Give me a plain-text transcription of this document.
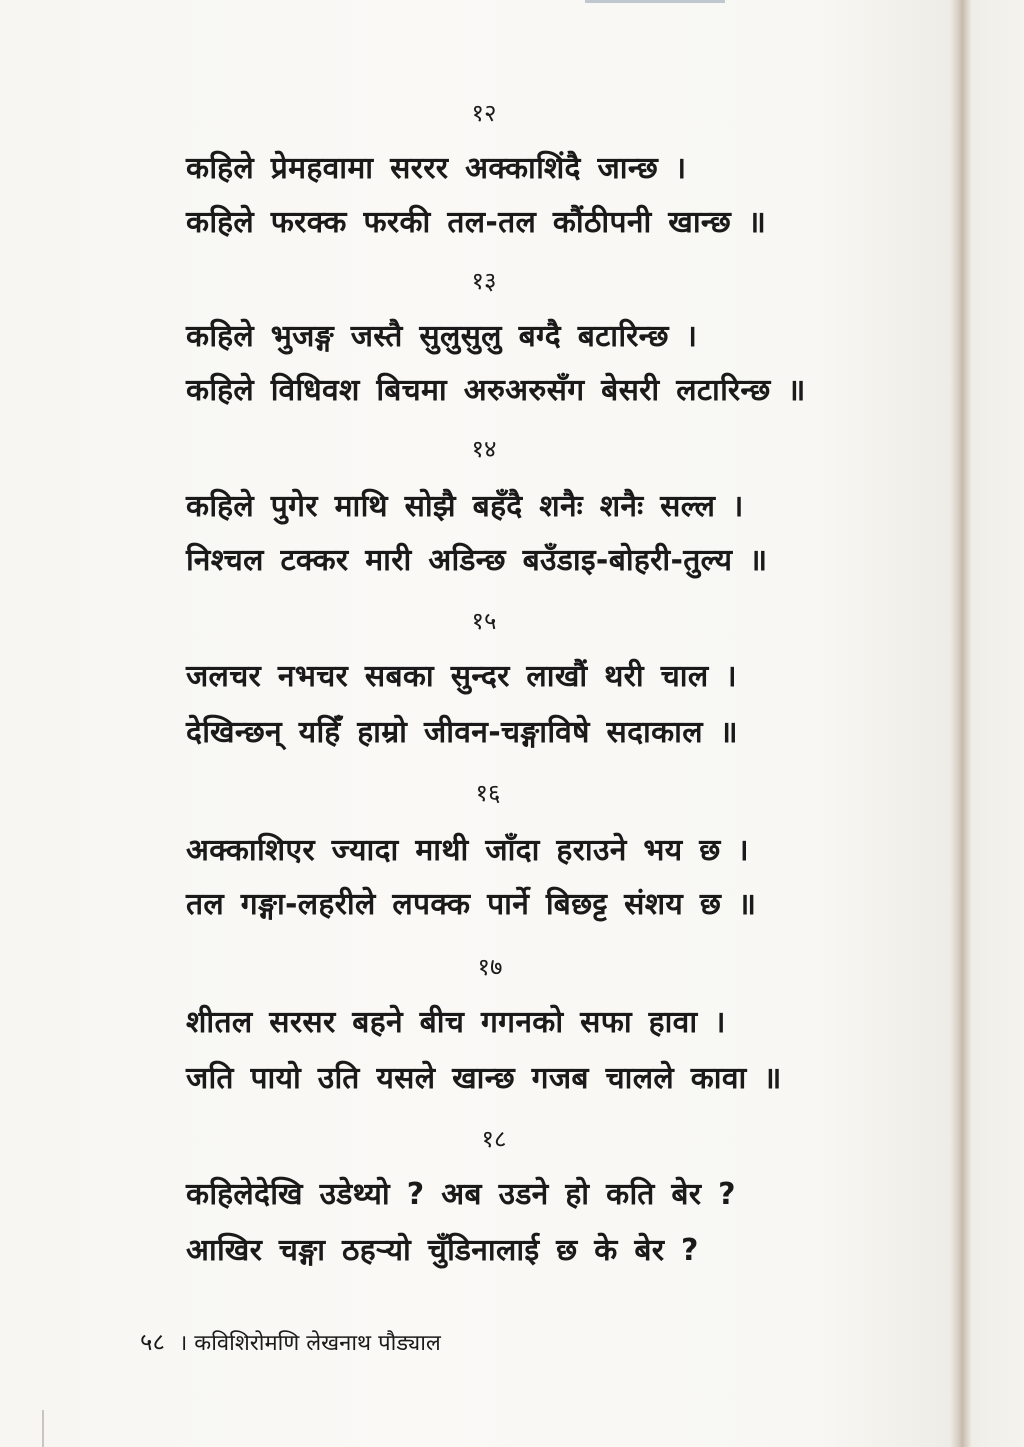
१२
कहिले प्रेमहवामा सररर अक्काशिंदै जान्छ ।
कहिले फरक्क फरकी तल-तल कौंठीपनी खान्छ ॥
१३
कहिले भुजङ्ग जस्तै सुलुसुलु बग्दै बटारिन्छ ।
कहिले विधिवश बिचमा अरुअरुसँग बेसरी लटारिन्छ ॥
१४
कहिले पुगेर माथि सोझै बहँदै शनैः शनैः सल्ल ।
निश्चल टक्कर मारी अडिन्छ बउँडाइ-बोहरी-तुल्य ॥
१५
जलचर नभचर सबका सुन्दर लाखौं थरी चाल ।
देखिन्छन् यहिँ हाम्रो जीवन-चङ्गाविषे सदाकाल ॥
१६
अक्काशिएर ज्यादा माथी जाँदा हराउने भय छ ।
तल गङ्गा-लहरीले लपक्क पार्ने बिछट्ट संशय छ ॥
१७
शीतल सरसर बहने बीच गगनको सफा हावा ।
जति पायो उति यसले खान्छ गजब चालले कावा ॥
१८
कहिलेदेखि उडेथ्यो ? अब उडने हो कति बेर ?
आखिर चङ्गा ठहऱ्यो चुँडिनालाई छ के बेर ?
५८ । कविशिरोमणि लेखनाथ पौड्याल
